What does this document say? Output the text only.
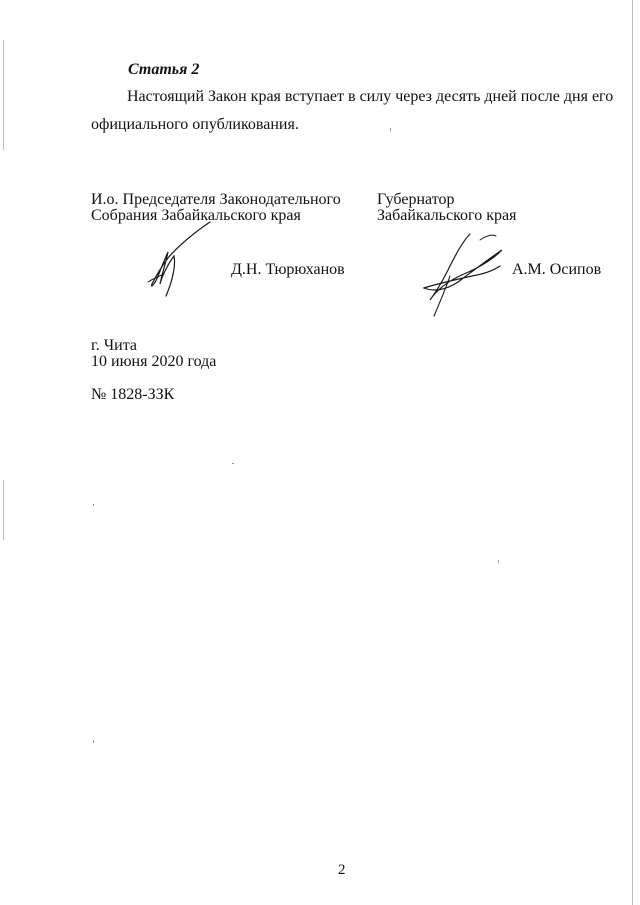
Статья 2
Настоящий Закон края вступает в силу через десять дней после дня его
официального опубликования.
И.о. Председателя Законодательного
Собрания Забайкальского края
Губернатор
Забайкальского края
Д.Н. Тюрюханов	А.М. Осипов
г. Чита
10 июня 2020 года
№ 1828-ЗЗК
2
